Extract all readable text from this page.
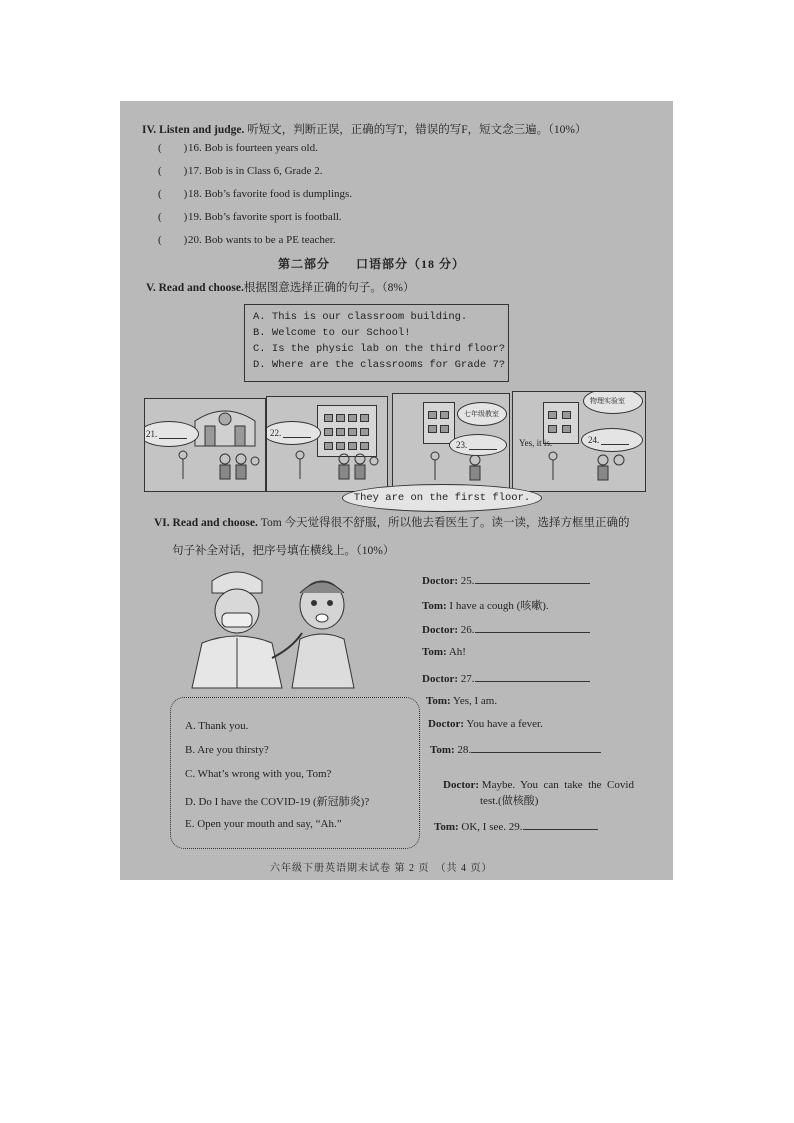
IV. Listen and judge. 听短文，判断正误，正确的写T，错误的写F，短文念三遍。（10%）
(　　)16. Bob is fourteen years old.
(　　)17. Bob is in Class 6, Grade 2.
(　　)18. Bob’s favorite food is dumplings.
(　　)19. Bob’s favorite sport is football.
(　　)20. Bob wants to be a PE teacher.
第二部分　　口语部分（18 分）
V. Read and choose.根据图意选择正确的句子。（8%）
A. This is our classroom building.
B. Welcome to our School!
C. Is the physic lab on the third floor?
D. Where are the classrooms for Grade 7?
21.	22.
七年级教室
23.
物理实验室
Yes, it is.	24.
They are on the first floor.
VI. Read and choose. Tom 今天觉得很不舒服，所以他去看医生了。读一读，选择方框里正确的
句子补全对话，把序号填在横线上。（10%）
A. Thank you.
B. Are you thirsty?
C. What’s wrong with you, Tom?
D. Do I have the COVID-19 (新冠肺炎)?
E. Open your mouth and say, “Ah.”
Doctor: 25.
Tom: I have a cough (咳嗽).
Doctor: 26.
Tom: Ah!
Doctor: 27.
Tom: Yes, I am.
Doctor: You have a fever.
Tom: 28.

Doctor: Maybe.  You  can  take  the  Covid

test.(做核酸)
Tom: OK, I see. 29.
六年级下册英语期末试卷 第 2 页　（共 4 页）
